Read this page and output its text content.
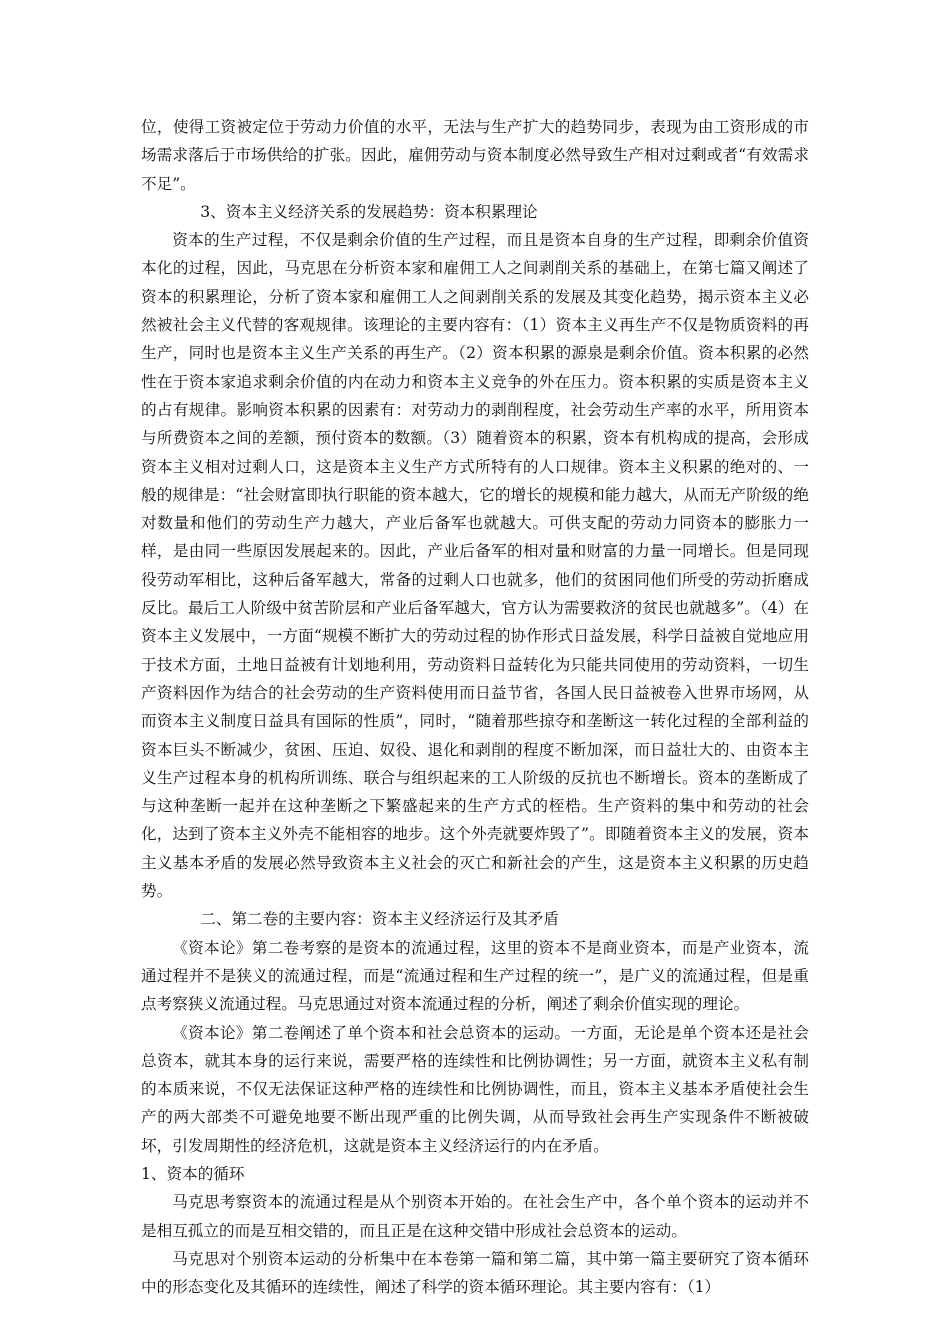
位，使得工资被定位于劳动力价值的水平，无法与生产扩大的趋势同步，表现为由工资形成的市场需求落后于市场供给的扩张。因此，雇佣劳动与资本制度必然导致生产相对过剩或者“有效需求不足”。

3、资本主义经济关系的发展趋势：资本积累理论

资本的生产过程，不仅是剩余价值的生产过程，而且是资本自身的生产过程，即剩余价值资本化的过程，因此，马克思在分析资本家和雇佣工人之间剥削关系的基础上，在第七篇又阐述了资本的积累理论，分析了资本家和雇佣工人之间剥削关系的发展及其变化趋势，揭示资本主义必然被社会主义代替的客观规律。该理论的主要内容有：（1）资本主义再生产不仅是物质资料的再生产，同时也是资本主义生产关系的再生产。（2）资本积累的源泉是剩余价值。资本积累的必然性在于资本家追求剩余价值的内在动力和资本主义竞争的外在压力。资本积累的实质是资本主义的占有规律。影响资本积累的因素有：对劳动力的剥削程度，社会劳动生产率的水平，所用资本与所费资本之间的差额，预付资本的数额。（3）随着资本的积累，资本有机构成的提高，会形成资本主义相对过剩人口，这是资本主义生产方式所特有的人口规律。资本主义积累的绝对的、一般的规律是：“社会财富即执行职能的资本越大，它的增长的规模和能力越大，从而无产阶级的绝对数量和他们的劳动生产力越大，产业后备军也就越大。可供支配的劳动力同资本的膨胀力一样，是由同一些原因发展起来的。因此，产业后备军的相对量和财富的力量一同增长。但是同现役劳动军相比，这种后备军越大，常备的过剩人口也就多，他们的贫困同他们所受的劳动折磨成反比。最后工人阶级中贫苦阶层和产业后备军越大，官方认为需要救济的贫民也就越多”。（4）在资本主义发展中，一方面“规模不断扩大的劳动过程的协作形式日益发展，科学日益被自觉地应用于技术方面，土地日益被有计划地利用，劳动资料日益转化为只能共同使用的劳动资料，一切生产资料因作为结合的社会劳动的生产资料使用而日益节省，各国人民日益被卷入世界市场网，从而资本主义制度日益具有国际的性质”，同时，“随着那些掠夺和垄断这一转化过程的全部利益的资本巨头不断减少，贫困、压迫、奴役、退化和剥削的程度不断加深，而日益壮大的、由资本主义生产过程本身的机构所训练、联合与组织起来的工人阶级的反抗也不断增长。资本的垄断成了与这种垄断一起并在这种垄断之下繁盛起来的生产方式的桎梏。生产资料的集中和劳动的社会化，达到了资本主义外壳不能相容的地步。这个外壳就要炸毁了”。即随着资本主义的发展，资本主义基本矛盾的发展必然导致资本主义社会的灭亡和新社会的产生，这是资本主义积累的历史趋势。

二、第二卷的主要内容：资本主义经济运行及其矛盾

《资本论》第二卷考察的是资本的流通过程，这里的资本不是商业资本，而是产业资本，流通过程并不是狭义的流通过程，而是“流通过程和生产过程的统一”，是广义的流通过程，但是重点考察狭义流通过程。马克思通过对资本流通过程的分析，阐述了剩余价值实现的理论。

《资本论》第二卷阐述了单个资本和社会总资本的运动。一方面，无论是单个资本还是社会总资本，就其本身的运行来说，需要严格的连续性和比例协调性；另一方面，就资本主义私有制的本质来说，不仅无法保证这种严格的连续性和比例协调性，而且，资本主义基本矛盾使社会生产的两大部类不可避免地要不断出现严重的比例失调，从而导致社会再生产实现条件不断被破坏，引发周期性的经济危机，这就是资本主义经济运行的内在矛盾。

1、资本的循环

马克思考察资本的流通过程是从个别资本开始的。在社会生产中，各个单个资本的运动并不是相互孤立的而是互相交错的，而且正是在这种交错中形成社会总资本的运动。

马克思对个别资本运动的分析集中在本卷第一篇和第二篇，其中第一篇主要研究了资本循环中的形态变化及其循环的连续性，阐述了科学的资本循环理论。其主要内容有：（1）
